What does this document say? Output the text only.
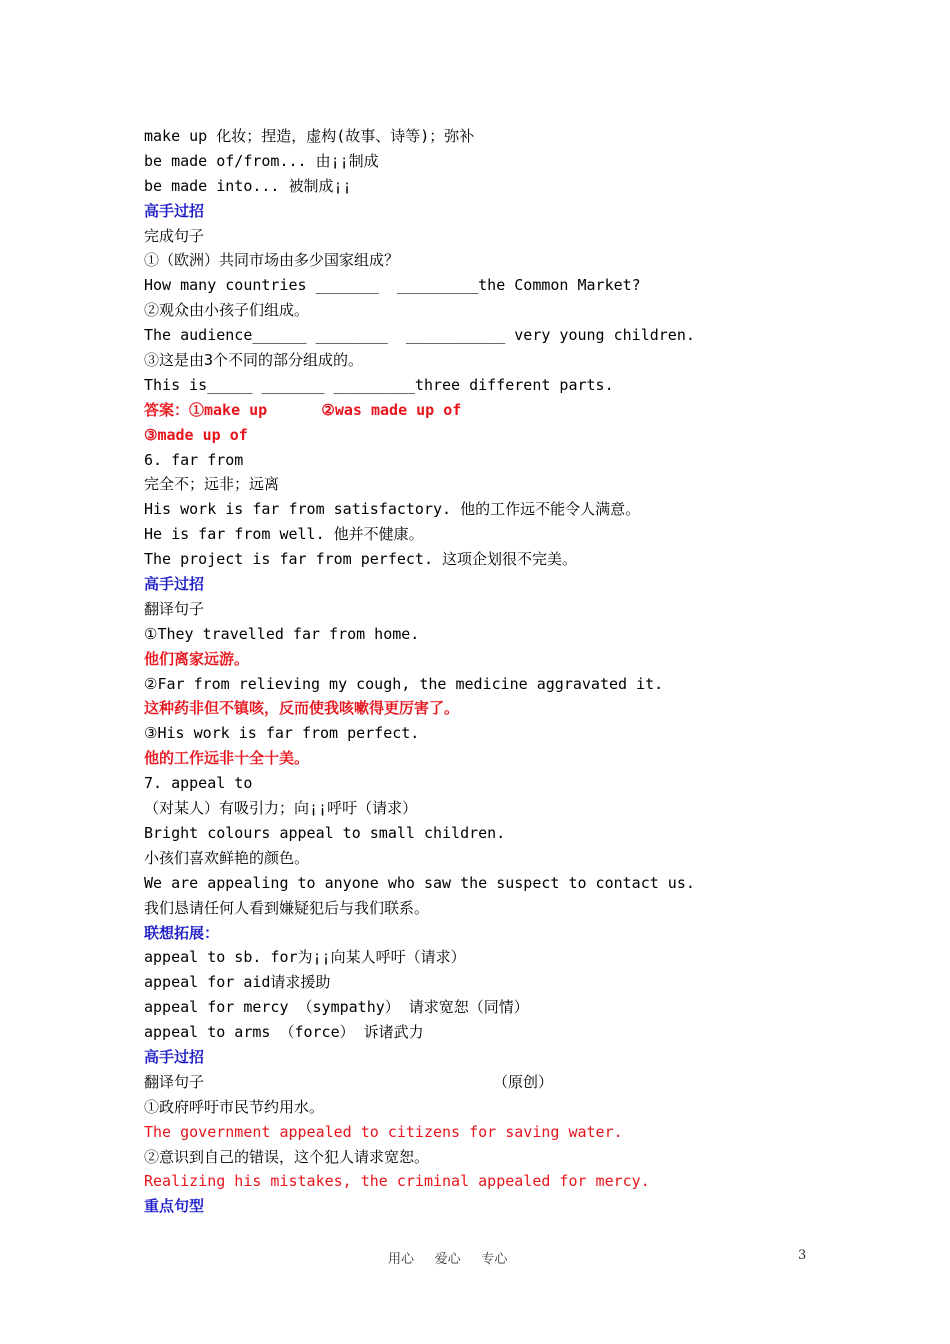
make up 化妆；捏造，虚构(故事、诗等)；弥补
be made of/from... 由¡¡制成
be made into... 被制成¡¡
高手过招
完成句子
①（欧洲）共同市场由多少国家组成？
How many countries _______  _________the Common Market?
②观众由小孩子们组成。
The audience______ ________  ___________ very young children.
③这是由3个不同的部分组成的。
This is_____ _______ _________three different parts.
答案：①make up      ②was made up of
③made up of
6. far from
完全不；远非；远离
His work is far from satisfactory. 他的工作远不能令人满意。
He is far from well. 他并不健康。
The project is far from perfect. 这项企划很不完美。
高手过招
翻译句子
①They travelled far from home.
他们离家远游。
②Far from relieving my cough, the medicine aggravated it.
这种药非但不镇咳，反而使我咳嗽得更厉害了。
③His work is far from perfect.
他的工作远非十全十美。
7. appeal to
（对某人）有吸引力；向¡¡呼吁（请求）
Bright colours appeal to small children.
小孩们喜欢鲜艳的颜色。
We are appealing to anyone who saw the suspect to contact us.
我们恳请任何人看到嫌疑犯后与我们联系。
联想拓展：
appeal to sb. for为¡¡向某人呼吁（请求）
appeal for aid请求援助
appeal for mercy （sympathy） 请求宽恕（同情）
appeal to arms （force） 诉诸武力
高手过招
翻译句子                                （原创）
①政府呼吁市民节约用水。
The government appealed to citizens for saving water.
②意识到自己的错误，这个犯人请求宽恕。
Realizing his mistakes, the criminal appealed for mercy.
重点句型
用心     爱心     专心	3
